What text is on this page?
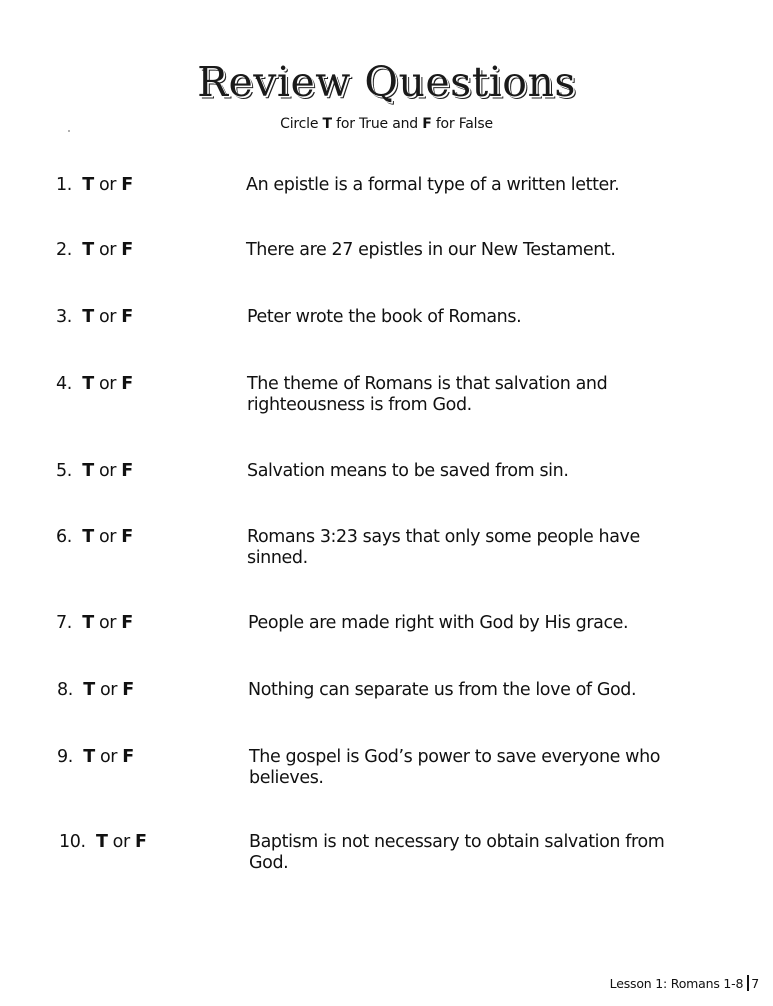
Review Questions
Circle T for True and F for False
1. T or F	An epistle is a formal type of a written letter.
2. T or F	There are 27 epistles in our New Testament.
3. T or F	Peter wrote the book of Romans.
4. T or F	The theme of Romans is that salvation and righteousness is from God.
5. T or F	Salvation means to be saved from sin.
6. T or F	Romans 3:23 says that only some people have sinned.
7. T or F	People are made right with God by His grace.
8. T or F	Nothing can separate us from the love of God.
9. T or F	The gospel is God’s power to save everyone who believes.
10. T or F	Baptism is not necessary to obtain salvation from God.
Lesson 1: Romans 1-8 7
